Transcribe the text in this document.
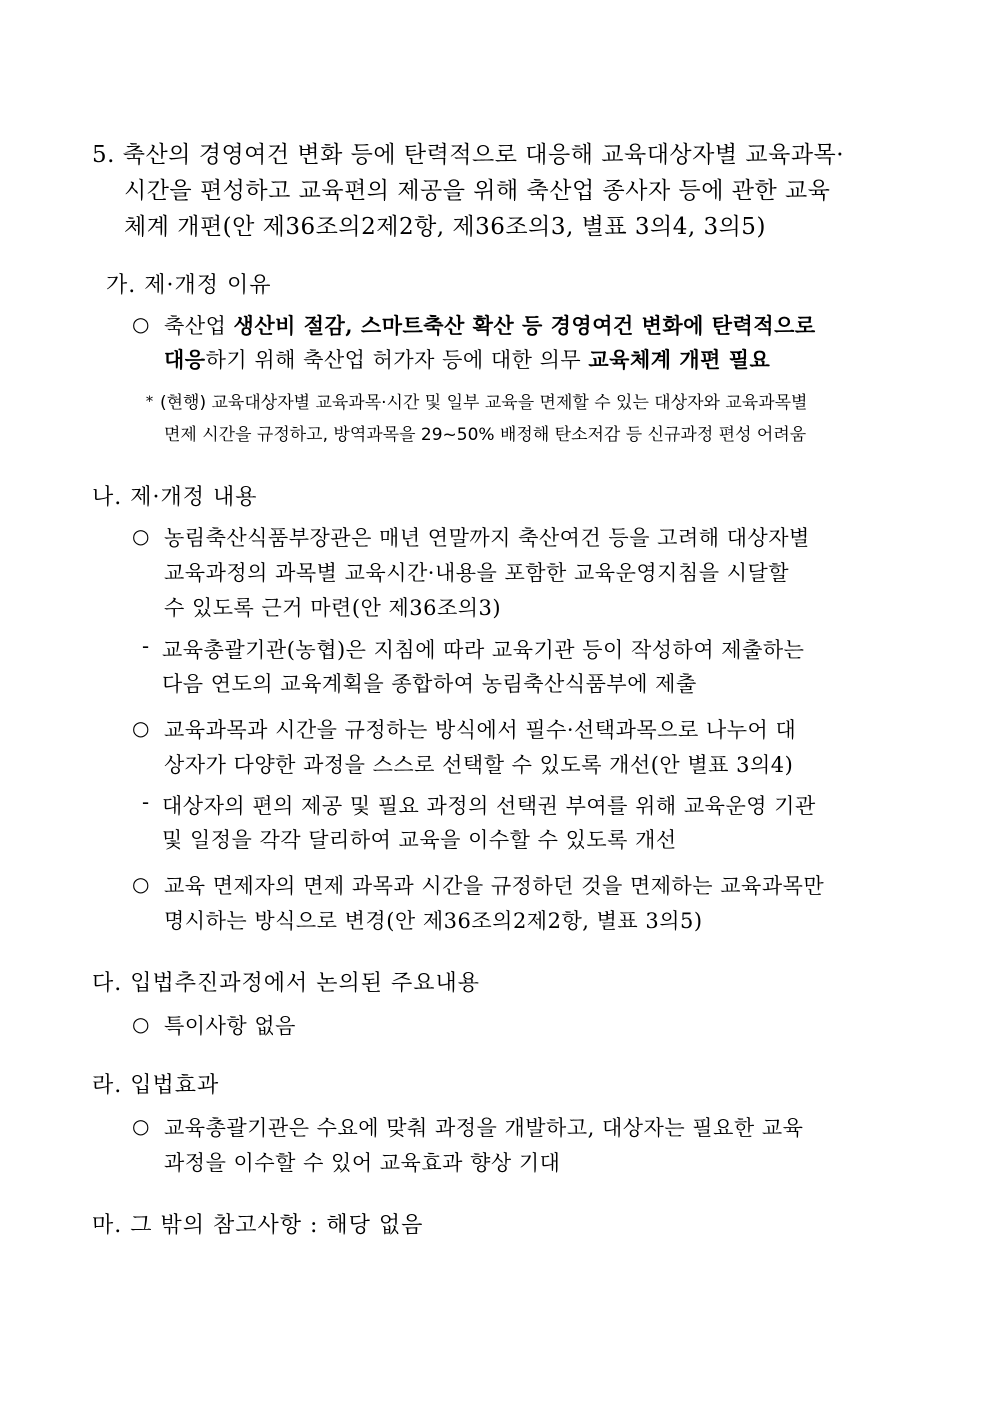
5. 축산의 경영여건 변화 등에 탄력적으로 대응해 교육대상자별 교육과목·
시간을 편성하고 교육편의 제공을 위해 축산업 종사자 등에 관한 교육
체계 개편(안 제36조의2제2항, 제36조의3, 별표 3의4, 3의5)
가. 제·개정 이유
○ 축산업 생산비 절감, 스마트축산 확산 등 경영여건 변화에 탄력적으로
대응하기 위해 축산업 허가자 등에 대한 의무 교육체계 개편 필요
* (현행) 교육대상자별 교육과목·시간 및 일부 교육을 면제할 수 있는 대상자와 교육과목별
면제 시간을 규정하고, 방역과목을 29~50% 배정해 탄소저감 등 신규과정 편성 어려움
나. 제·개정 내용
○ 농림축산식품부장관은 매년 연말까지 축산여건 등을 고려해 대상자별
교육과정의 과목별 교육시간·내용을 포함한 교육운영지침을 시달할
수 있도록 근거 마련(안 제36조의3)
- 교육총괄기관(농협)은 지침에 따라 교육기관 등이 작성하여 제출하는
다음 연도의 교육계획을 종합하여 농림축산식품부에 제출
○ 교육과목과 시간을 규정하는 방식에서 필수·선택과목으로 나누어 대
상자가 다양한 과정을 스스로 선택할 수 있도록 개선(안 별표 3의4)
- 대상자의 편의 제공 및 필요 과정의 선택권 부여를 위해 교육운영 기관
및 일정을 각각 달리하여 교육을 이수할 수 있도록 개선
○ 교육 면제자의 면제 과목과 시간을 규정하던 것을 면제하는 교육과목만
명시하는 방식으로 변경(안 제36조의2제2항, 별표 3의5)
다. 입법추진과정에서 논의된 주요내용
○ 특이사항 없음
라. 입법효과
○ 교육총괄기관은 수요에 맞춰 과정을 개발하고, 대상자는 필요한 교육
과정을 이수할 수 있어 교육효과 향상 기대
마. 그 밖의 참고사항 : 해당 없음
